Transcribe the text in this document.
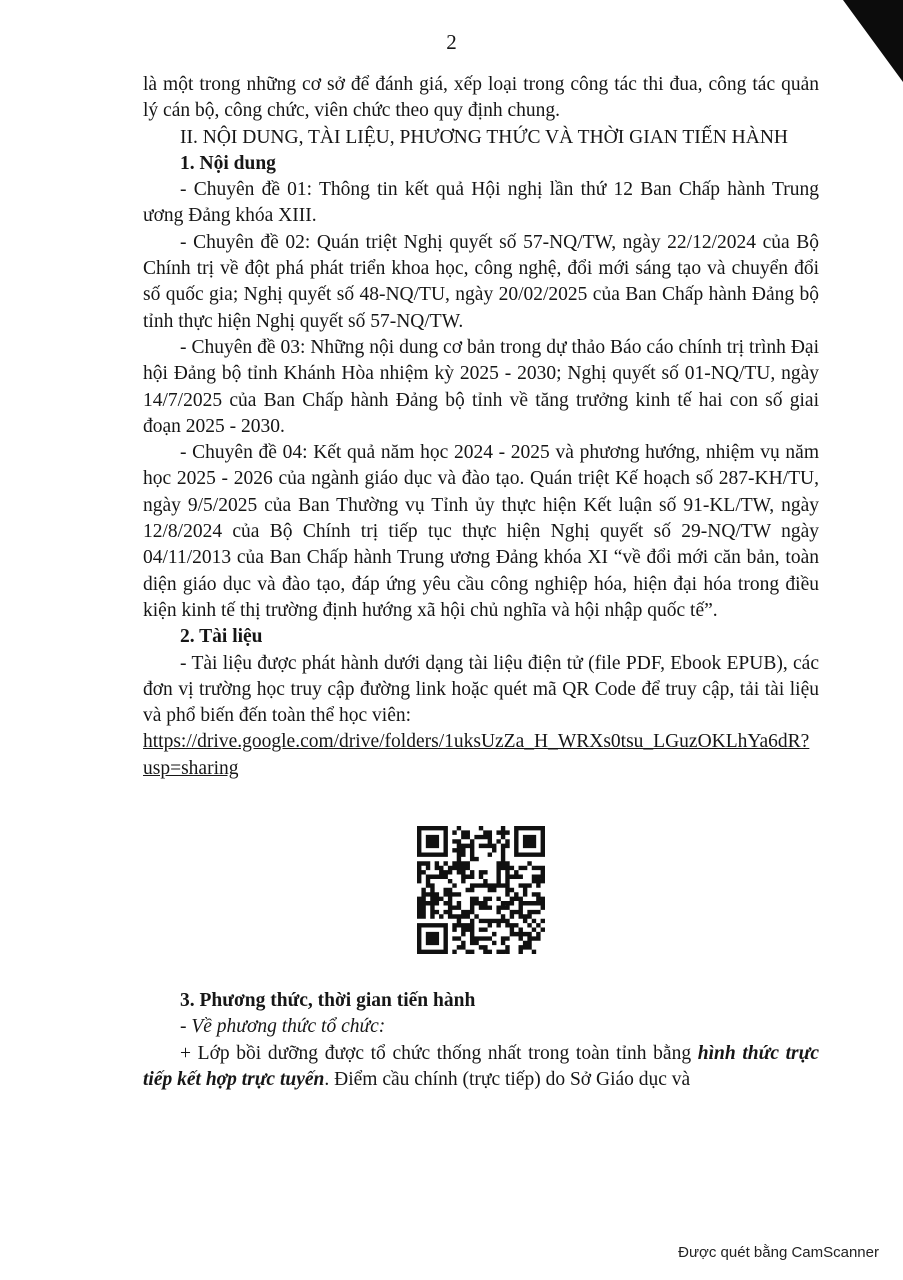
2

là một trong những cơ sở để đánh giá, xếp loại trong công tác thi đua, công tác quản lý cán bộ, công chức, viên chức theo quy định chung.

II. NỘI DUNG, TÀI LIỆU, PHƯƠNG THỨC VÀ THỜI GIAN TIẾN HÀNH

1. Nội dung

- Chuyên đề 01: Thông tin kết quả Hội nghị lần thứ 12 Ban Chấp hành Trung ương Đảng khóa XIII.

- Chuyên đề 02: Quán triệt Nghị quyết số 57-NQ/TW, ngày 22/12/2024 của Bộ Chính trị về đột phá phát triển khoa học, công nghệ, đổi mới sáng tạo và chuyển đổi số quốc gia; Nghị quyết số 48-NQ/TU, ngày 20/02/2025 của Ban Chấp hành Đảng bộ tỉnh thực hiện Nghị quyết số 57-NQ/TW.

- Chuyên đề 03: Những nội dung cơ bản trong dự thảo Báo cáo chính trị trình Đại hội Đảng bộ tỉnh Khánh Hòa nhiệm kỳ 2025 - 2030; Nghị quyết số 01-NQ/TU, ngày 14/7/2025 của Ban Chấp hành Đảng bộ tỉnh về tăng trưởng kinh tế hai con số giai đoạn 2025 - 2030.

- Chuyên đề 04: Kết quả năm học 2024 - 2025 và phương hướng, nhiệm vụ năm học 2025 - 2026 của ngành giáo dục và đào tạo. Quán triệt Kế hoạch số 287-KH/TU, ngày 9/5/2025 của Ban Thường vụ Tỉnh ủy thực hiện Kết luận số 91-KL/TW, ngày 12/8/2024 của Bộ Chính trị tiếp tục thực hiện Nghị quyết số 29-NQ/TW ngày 04/11/2013 của Ban Chấp hành Trung ương Đảng khóa XI “về đổi mới căn bản, toàn diện giáo dục và đào tạo, đáp ứng yêu cầu công nghiệp hóa, hiện đại hóa trong điều kiện kinh tế thị trường định hướng xã hội chủ nghĩa và hội nhập quốc tế”.

2. Tài liệu

- Tài liệu được phát hành dưới dạng tài liệu điện tử (file PDF, Ebook EPUB), các đơn vị trường học truy cập đường link hoặc quét mã QR Code để truy cập, tải tài liệu và phổ biến đến toàn thể học viên:

https://drive.google.com/drive/folders/1uksUzZa_H_WRXs0tsu_LGuzOKLhYa6dR?usp=sharing

3. Phương thức, thời gian tiến hành

- Về phương thức tổ chức:

+ Lớp bồi dưỡng được tổ chức thống nhất trong toàn tỉnh bằng hình thức trực tiếp kết hợp trực tuyến. Điểm cầu chính (trực tiếp) do Sở Giáo dục và

Được quét bằng CamScanner
